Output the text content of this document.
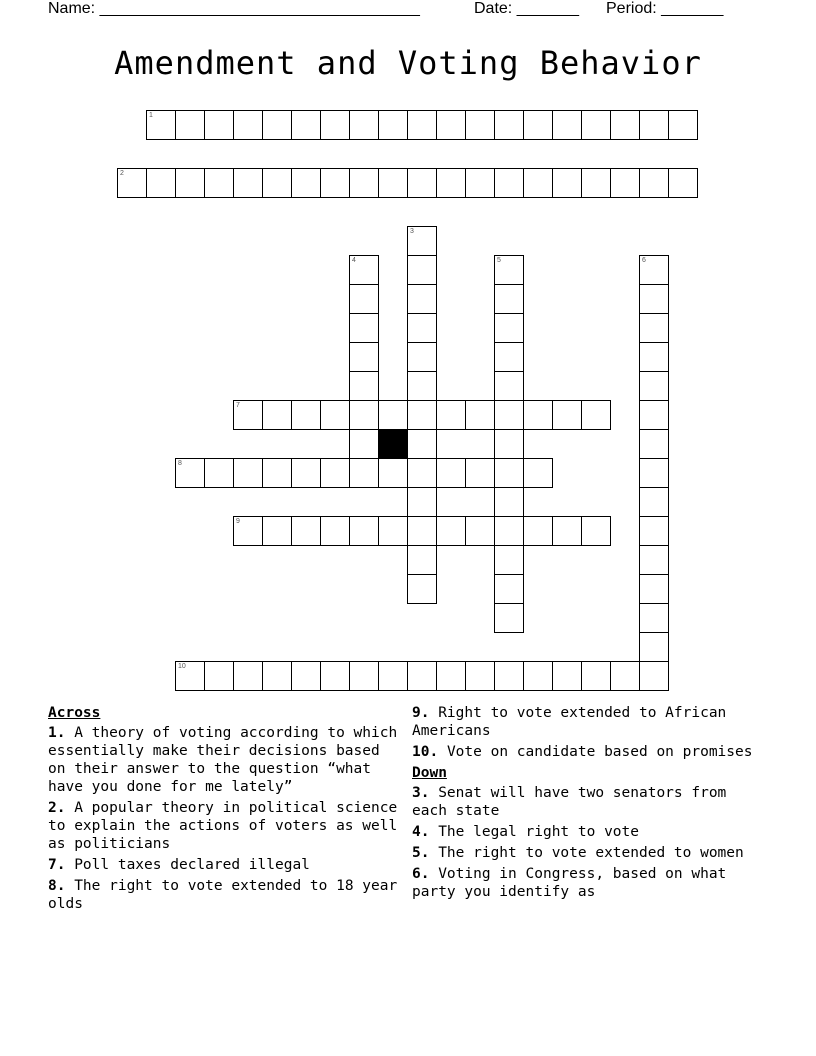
Name: ____________________________________	Date: _______ Period: _______
Amendment and Voting Behavior
1
2
3
4	5	6
7
8
9
10
Across
1. A theory of voting according to which essentially make their decisions based on their answer to the question “what have you done for me lately”
2. A popular theory in political science to explain the actions of voters as well as politicians
7. Poll taxes declared illegal
8. The right to vote extended to 18 year olds
9. Right to vote extended to African Americans
10. Vote on candidate based on promises
Down
3. Senat will have two senators from each state
4. The legal right to vote
5. The right to vote extended to women
6. Voting in Congress, based on what party you identify as
